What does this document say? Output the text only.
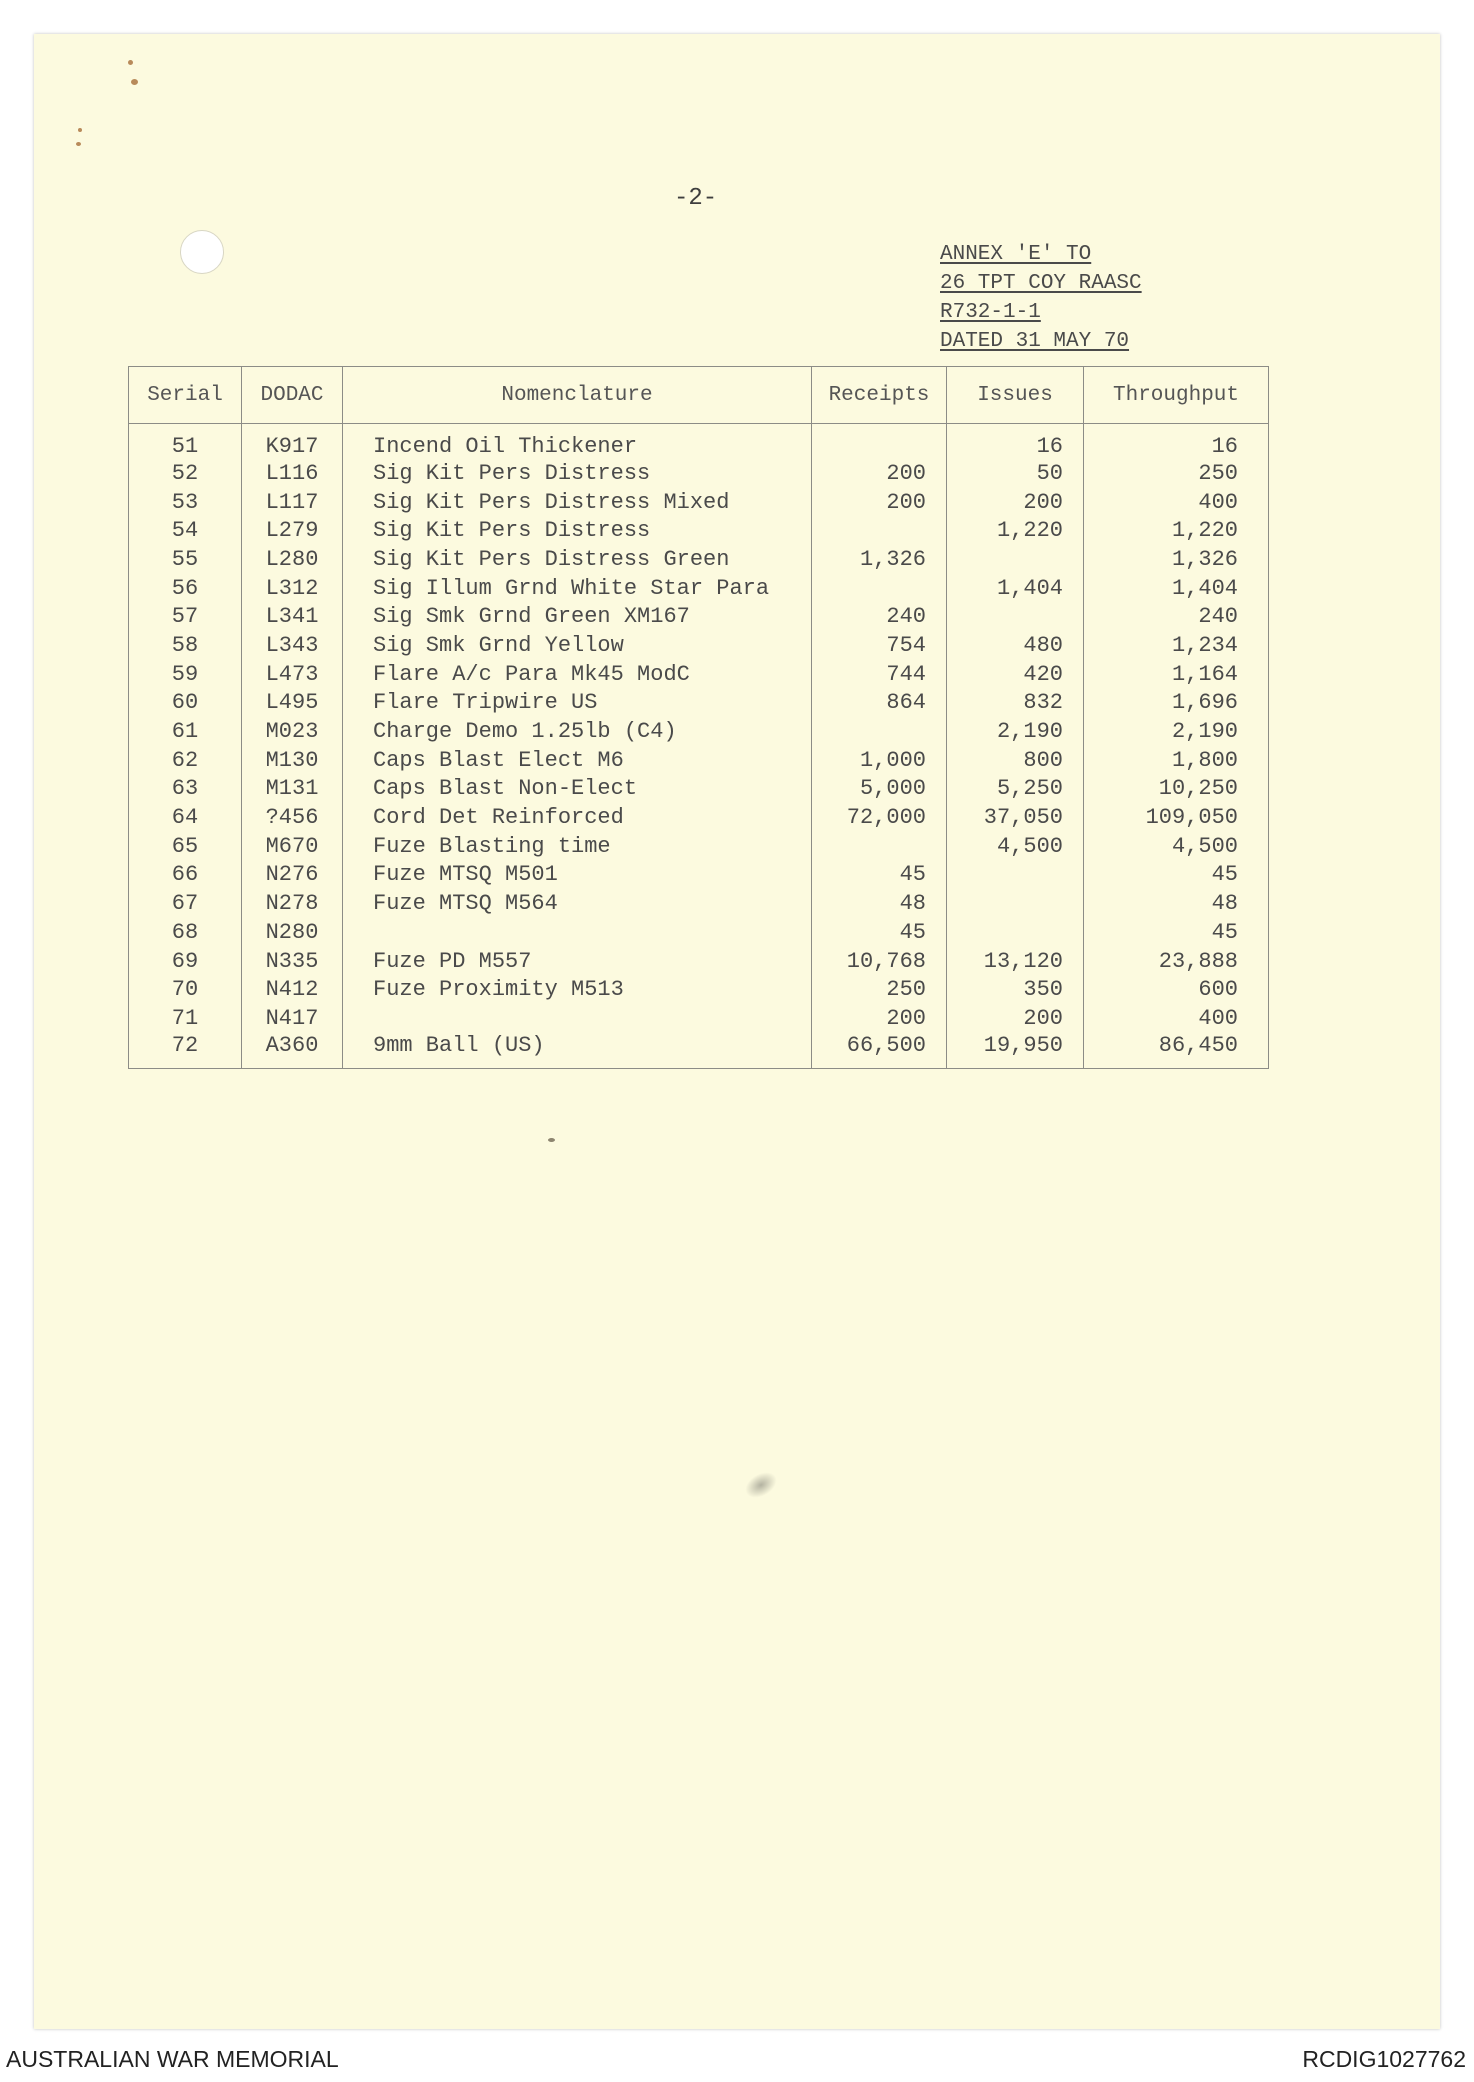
-2-
ANNEX 'E' TO
26 TPT COY RAASC
R732-1-1
DATED 31 MAY 70
Serial	DODAC	Nomenclature	Receipts	Issues	Throughput
51	K917	Incend Oil Thickener		16	16
52	L116	Sig Kit Pers Distress	200	50	250
53	L117	Sig Kit Pers Distress Mixed	200	200	400
54	L279	Sig Kit Pers Distress		1,220	1,220
55	L280	Sig Kit Pers Distress Green	1,326		1,326
56	L312	Sig Illum Grnd White Star Para		1,404	1,404
57	L341	Sig Smk Grnd Green XM167	240		240
58	L343	Sig Smk Grnd Yellow	754	480	1,234
59	L473	Flare A/c Para Mk45 ModC	744	420	1,164
60	L495	Flare Tripwire US	864	832	1,696
61	M023	Charge Demo 1.25lb (C4)		2,190	2,190
62	M130	Caps Blast Elect M6	1,000	800	1,800
63	M131	Caps Blast Non-Elect	5,000	5,250	10,250
64	?456	Cord Det Reinforced	72,000	37,050	109,050
65	M670	Fuze Blasting time		4,500	4,500
66	N276	Fuze MTSQ M501	45		45
67	N278	Fuze MTSQ M564	48		48
68	N280		45		45
69	N335	Fuze PD M557	10,768	13,120	23,888
70	N412	Fuze Proximity M513	250	350	600
71	N417		200	200	400
72	A360	9mm Ball (US)	66,500	19,950	86,450
AUSTRALIAN WAR MEMORIAL	RCDIG1027762
